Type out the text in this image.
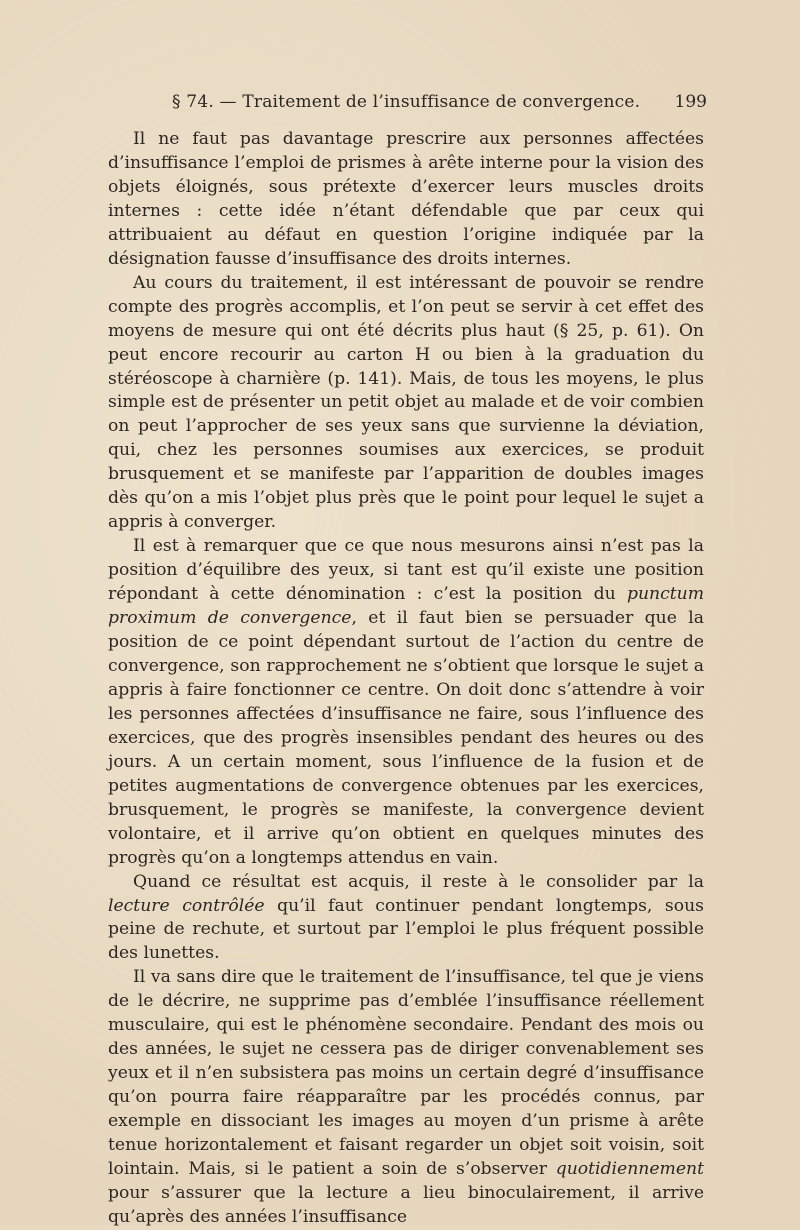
§ 74. — Traitement de l’insuffisance de convergence. 199

Il ne faut pas davantage prescrire aux personnes affectées d’insuffisance l’emploi de prismes à arête interne pour la vision des objets éloignés, sous prétexte d’exercer leurs muscles droits internes : cette idée n’étant défendable que par ceux qui attribuaient au défaut en question l’origine indiquée par la désignation fausse d’insuffisance des droits internes.

Au cours du traitement, il est intéressant de pouvoir se rendre compte des progrès accomplis, et l’on peut se servir à cet effet des moyens de mesure qui ont été décrits plus haut (§ 25, p. 61). On peut encore recourir au carton H ou bien à la graduation du stéréoscope à charnière (p. 141). Mais, de tous les moyens, le plus simple est de présenter un petit objet au malade et de voir combien on peut l’approcher de ses yeux sans que survienne la déviation, qui, chez les personnes soumises aux exercices, se produit brusquement et se manifeste par l’apparition de doubles images dès qu’on a mis l’objet plus près que le point pour lequel le sujet a appris à converger.

Il est à remarquer que ce que nous mesurons ainsi n’est pas la position d’équilibre des yeux, si tant est qu’il existe une position répondant à cette dénomination : c’est la position du punctum proximum de convergence, et il faut bien se persuader que la position de ce point dépendant surtout de l’action du centre de convergence, son rapprochement ne s’obtient que lorsque le sujet a appris à faire fonctionner ce centre. On doit donc s’attendre à voir les personnes affectées d’insuffisance ne faire, sous l’influence des exercices, que des progrès insensibles pendant des heures ou des jours. A un certain moment, sous l’influence de la fusion et de petites augmentations de convergence obtenues par les exercices, brusquement, le progrès se manifeste, la convergence devient volontaire, et il arrive qu’on obtient en quelques minutes des progrès qu’on a longtemps attendus en vain.

Quand ce résultat est acquis, il reste à le consolider par la lecture contrôlée qu’il faut continuer pendant longtemps, sous peine de rechute, et surtout par l’emploi le plus fréquent possible des lunettes.

Il va sans dire que le traitement de l’insuffisance, tel que je viens de le décrire, ne supprime pas d’emblée l’insuffisance réellement musculaire, qui est le phénomène secondaire. Pendant des mois ou des années, le sujet ne cessera pas de diriger convenablement ses yeux et il n’en subsistera pas moins un certain degré d’insuffisance qu’on pourra faire réapparaître par les procédés connus, par exemple en dissociant les images au moyen d’un prisme à arête tenue horizontalement et faisant regarder un objet soit voisin, soit lointain. Mais, si le patient a soin de s’observer quotidiennement pour s’assurer que la lecture a lieu binoculairement, il arrive qu’après des années l’insuffisance
